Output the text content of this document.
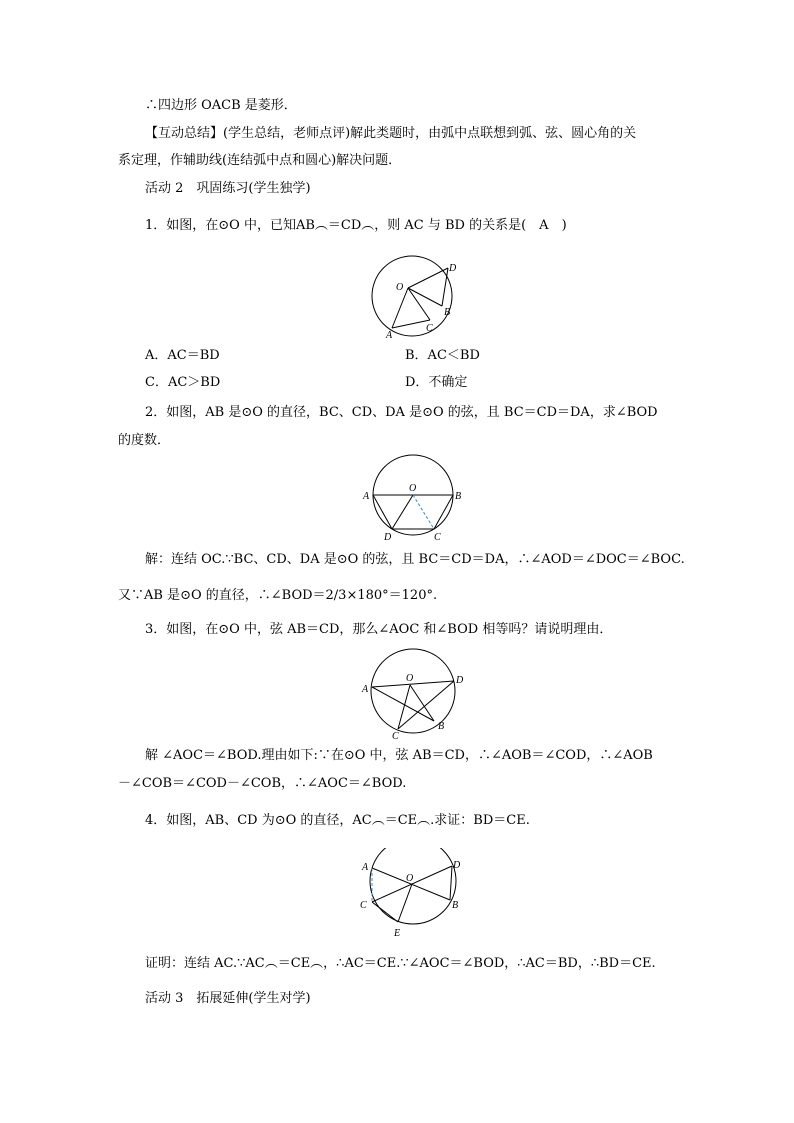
∴四边形 OACB 是菱形．
【互动总结】(学生总结，老师点评)解此类题时，由弧中点联想到弧、弦、圆心角的关
系定理，作辅助线(连结弧中点和圆心)解决问题．
活动 2　巩固练习(学生独学)
1．如图，在⊙O 中，已知AB︵＝CD︵，则 AC 与 BD 的关系是(　A　)
O
D
B
C
A
A．AC＝BD	B．AC＜BD
C．AC＞BD	D．不确定
2．如图，AB 是⊙O 的直径，BC、CD、DA 是⊙O 的弦，且 BC＝CD＝DA，求∠BOD
的度数．
A
O
B
D	C
解：连结 OC.∵BC、CD、DA 是⊙O 的弦，且 BC＝CD＝DA，∴∠AOD＝∠DOC＝∠BOC.
又∵AB 是⊙O 的直径，∴∠BOD＝2/3×180°＝120°.
3．如图，在⊙O 中，弦 AB＝CD，那么∠AOC 和∠BOD 相等吗？请说明理由．
A
O	D
B
C
解 ∠AOC＝∠BOD.理由如下:∵在⊙O 中，弦 AB＝CD，∴∠AOB＝∠COD，∴∠AOB
－∠COB＝∠COD－∠COB，∴∠AOC＝∠BOD.
4．如图，AB、CD 为⊙O 的直径，AC︵＝CE︵.求证：BD＝CE.
A	D
O
C	B
E
证明：连结 AC.∵AC︵＝CE︵，∴AC＝CE.∵∠AOC＝∠BOD，∴AC＝BD，∴BD＝CE.
活动 3　拓展延伸(学生对学)
